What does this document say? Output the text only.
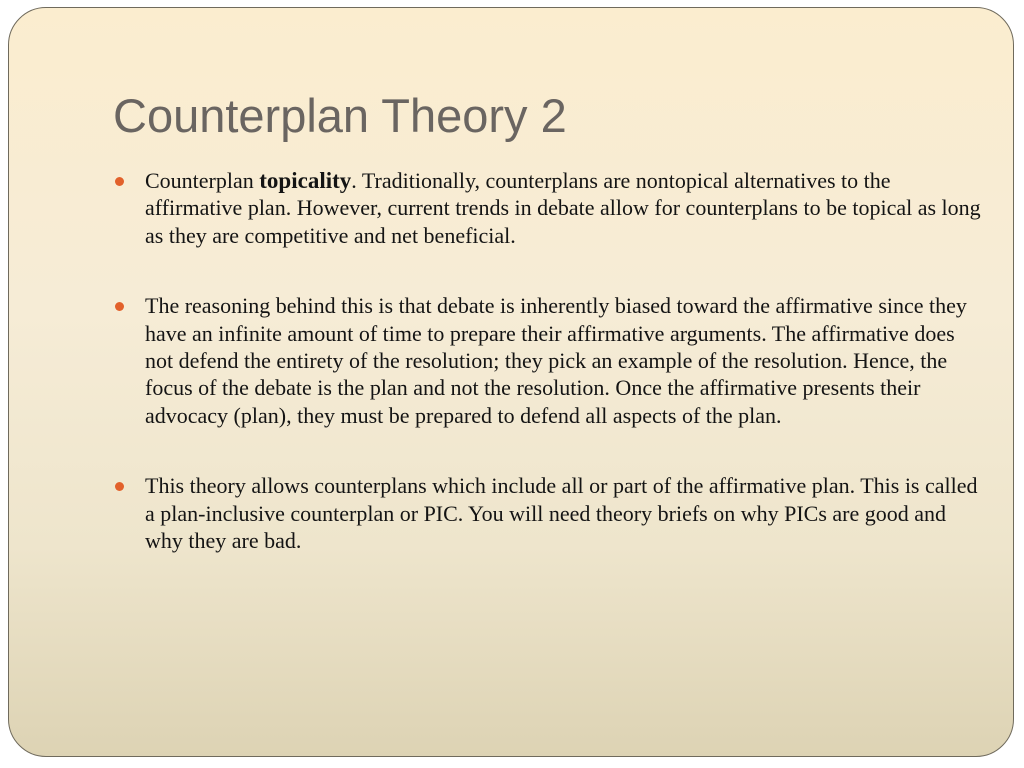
Counterplan Theory 2
Counterplan topicality. Traditionally, counterplans are nontopical alternatives to the affirmative plan. However, current trends in debate allow for counterplans to be topical as long as they are competitive and net beneficial.
The reasoning behind this is that debate is inherently biased toward the affirmative since they have an infinite amount of time to prepare their affirmative arguments. The affirmative does not defend the entirety of the resolution; they pick an example of the resolution. Hence, the focus of the debate is the plan and not the resolution. Once the affirmative presents their advocacy (plan), they must be prepared to defend all aspects of the plan.
This theory allows counterplans which include all or part of the affirmative plan. This is called a plan-inclusive counterplan or PIC. You will need theory briefs on why PICs are good and why they are bad.
